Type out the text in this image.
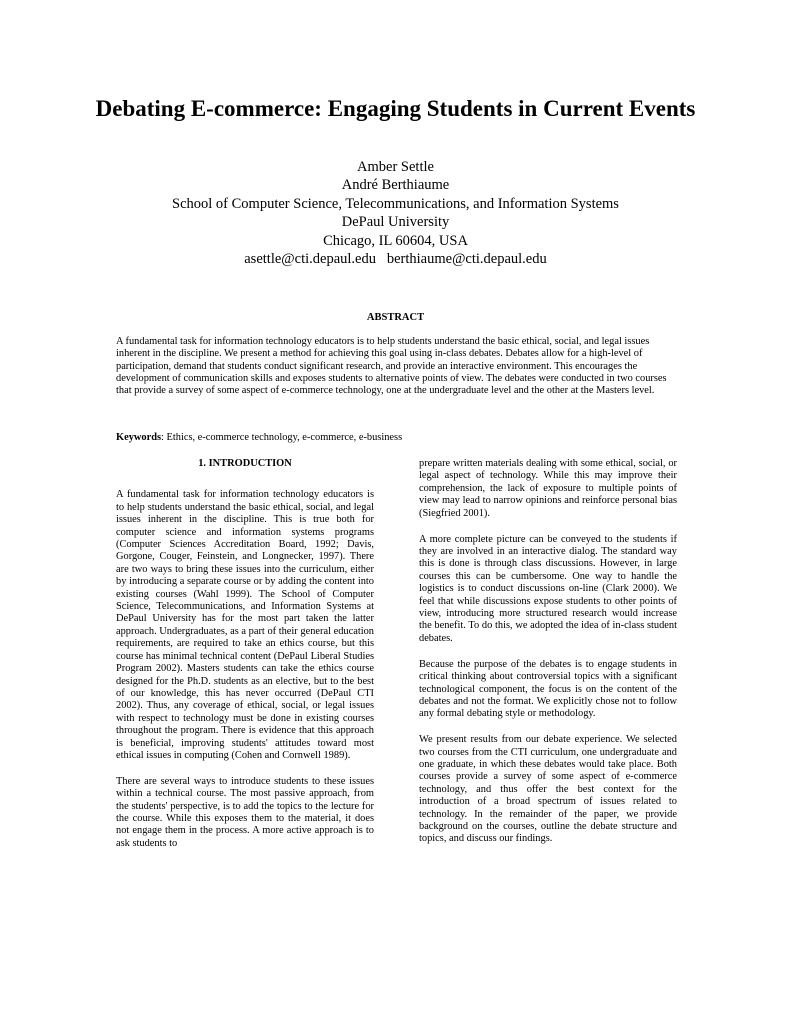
Debating E-commerce: Engaging Students in Current Events
Amber Settle
André Berthiaume
School of Computer Science, Telecommunications, and Information Systems
DePaul University
Chicago, IL 60604, USA
asettle@cti.depaul.edu   berthiaume@cti.depaul.edu
ABSTRACT

A fundamental task for information technology educators is to help students understand the basic ethical, social, and legal issues inherent in the discipline. We present a method for achieving this goal using in-class debates. Debates allow for a high-level of participation, demand that students conduct significant research, and provide an interactive environment. This encourages the development of communication skills and exposes students to alternative points of view. The debates were conducted in two courses that provide a survey of some aspect of e-commerce technology, one at the undergraduate level and the other at the Masters level.

Keywords: Ethics, e-commerce technology, e-commerce, e-business

1. INTRODUCTION

A fundamental task for information technology educators is to help students understand the basic ethical, social, and legal issues inherent in the discipline. This is true both for computer science and information systems programs (Computer Sciences Accreditation Board, 1992; Davis, Gorgone, Couger, Feinstein, and Longnecker, 1997). There are two ways to bring these issues into the curriculum, either by introducing a separate course or by adding the content into existing courses (Wahl 1999). The School of Computer Science, Telecommunications, and Information Systems at DePaul University has for the most part taken the latter approach. Undergraduates, as a part of their general education requirements, are required to take an ethics course, but this course has minimal technical content (DePaul Liberal Studies Program 2002). Masters students can take the ethics course designed for the Ph.D. students as an elective, but to the best of our knowledge, this has never occurred (DePaul CTI 2002). Thus, any coverage of ethical, social, or legal issues with respect to technology must be done in existing courses throughout the program. There is evidence that this approach is beneficial, improving students' attitudes toward most ethical issues in computing (Cohen and Cornwell 1989).

There are several ways to introduce students to these issues within a technical course. The most passive approach, from the students' perspective, is to add the topics to the lecture for the course. While this exposes them to the material, it does not engage them in the process. A more active approach is to ask students to

prepare written materials dealing with some ethical, social, or legal aspect of technology. While this may improve their comprehension, the lack of exposure to multiple points of view may lead to narrow opinions and reinforce personal bias (Siegfried 2001).

A more complete picture can be conveyed to the students if they are involved in an interactive dialog. The standard way this is done is through class discussions. However, in large courses this can be cumbersome. One way to handle the logistics is to conduct discussions on-line (Clark 2000). We feel that while discussions expose students to other points of view, introducing more structured research would increase the benefit. To do this, we adopted the idea of in-class student debates.

Because the purpose of the debates is to engage students in critical thinking about controversial topics with a significant technological component, the focus is on the content of the debates and not the format. We explicitly chose not to follow any formal debating style or methodology.

We present results from our debate experience. We selected two courses from the CTI curriculum, one undergraduate and one graduate, in which these debates would take place. Both courses provide a survey of some aspect of e-commerce technology, and thus offer the best context for the introduction of a broad spectrum of issues related to technology. In the remainder of the paper, we provide background on the courses, outline the debate structure and topics, and discuss our findings.
